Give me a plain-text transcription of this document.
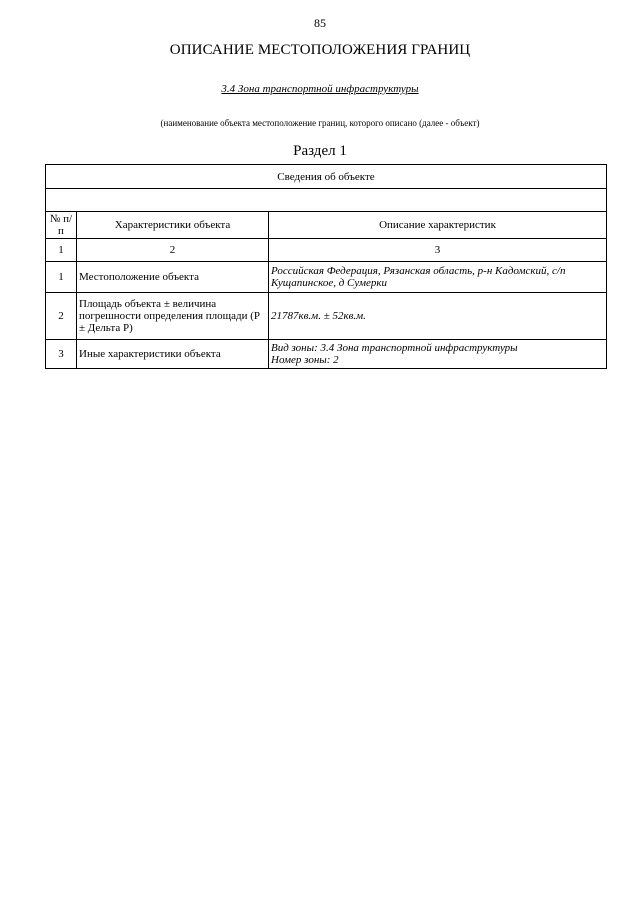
85
ОПИСАНИЕ МЕСТОПОЛОЖЕНИЯ ГРАНИЦ
3.4 Зона транспортной инфраструктуры
(наименование объекта местоположение границ, которого описано (далее - объект)
Раздел 1
Сведения об объекте		

№ п/п	Характеристики объекта	Описание характеристик
1	2	3
1	Местоположение объекта	Российская Федерация, Рязанская область, р-н Кадомский, с/п Кущапинское, д Сумерки
2	Площадь объекта ± величина погрешности определения площади (Р ± Дельта Р)	21787кв.м. ± 52кв.м.
3	Иные характеристики объекта	Вид зоны: 3.4 Зона транспортной инфраструктуры
Номер зоны: 2
